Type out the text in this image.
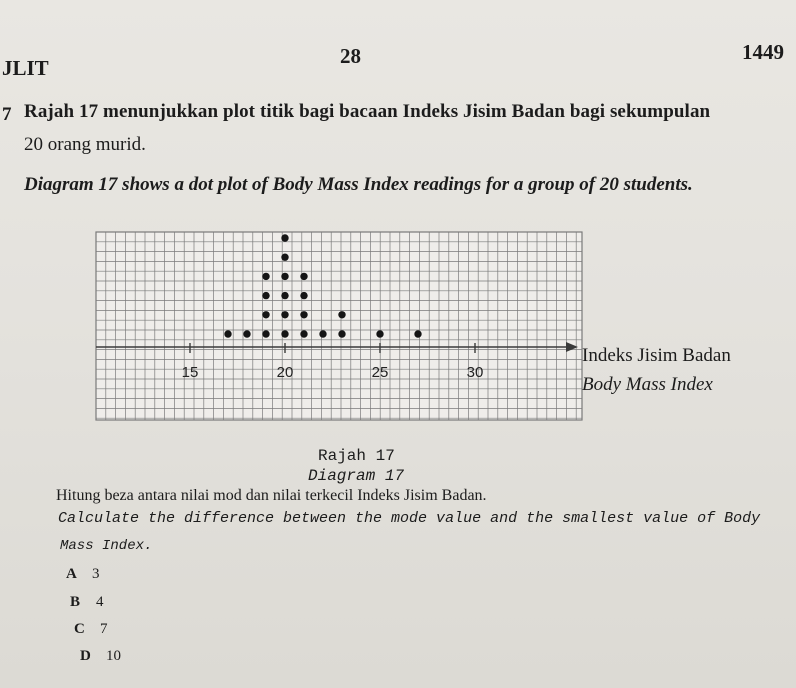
JLIT	28	1449
7 Rajah 17 menunjukkan plot titik bagi bacaan Indeks Jisim Badan bagi sekumpulan
20 orang murid.
Diagram 17 shows a dot plot of Body Mass Index readings for a group of 20 students.
15	20	25	30
Indeks Jisim Badan
Body Mass Index
Rajah 17
Diagram 17
Hitung beza antara nilai mod dan nilai terkecil Indeks Jisim Badan.
Calculate the difference between the mode value and the smallest value of Body
Mass Index.
A 3
B 4
C 7
D 10
